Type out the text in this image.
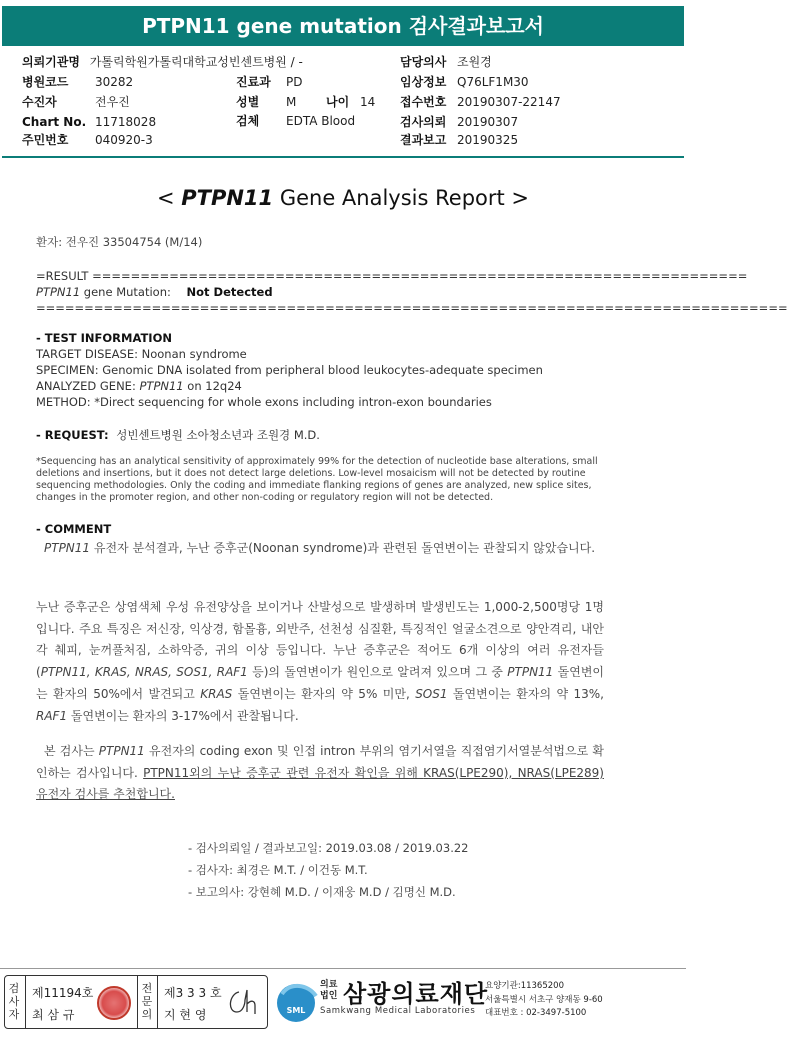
PTPN11 gene mutation 검사결과보고서
의뢰기관명 가톨릭학원가톨릭대학교성빈센트병원 / -
병원코드 30282
수진자	전우진
Chart No. 11718028
주민번호 040920-3
진료과 PD
성별 M 나이 14
검체 EDTA Blood
담당의사 조원경
임상정보 Q76LF1M30
접수번호 20190307-22147
검사의뢰 20190307
결과보고 20190325
< PTPN11 Gene Analysis Report >
환자: 전우진 33504754 (M/14)
=RESULT ====================================================================
PTPN11 gene Mutation: Not Detected
==============================================================================
- TEST INFORMATION
TARGET DISEASE: Noonan syndrome
SPECIMEN: Genomic DNA isolated from peripheral blood leukocytes-adequate specimen
ANALYZED GENE: PTPN11 on 12q24
METHOD: *Direct sequencing for whole exons including intron-exon boundaries
- REQUEST: 성빈센트병원 소아청소년과 조원경 M.D.
*Sequencing has an analytical sensitivity of approximately 99% for the detection of nucleotide base alterations, small deletions and insertions, but it does not detect large deletions. Low-level mosaicism will not be detected by routine sequencing methodologies. Only the coding and immediate flanking regions of genes are analyzed, new splice sites, changes in the promoter region, and other non-coding or regulatory region will not be detected.
- COMMENT
PTPN11 유전자 분석결과, 누난 증후군(Noonan syndrome)과 관련된 돌연변이는 관찰되지 않았습니다.
누난 증후군은 상염색체 우성 유전양상을 보이거나 산발성으로 발생하며 발생빈도는 1,000-2,500명당 1명입니다. 주요 특징은 저신장, 익상경, 함몰흉, 외반주, 선천성 심질환, 특징적인 얼굴소견으로 양안격리, 내안각 췌피, 눈꺼풀처짐, 소하악증, 귀의 이상 등입니다. 누난 증후군은 적어도 6개 이상의 여러 유전자들(PTPN11, KRAS, NRAS, SOS1, RAF1 등)의 돌연변이가 원인으로 알려져 있으며 그 중 PTPN11 돌연변이는 환자의 50%에서 발견되고 KRAS 돌연변이는 환자의 약 5% 미만, SOS1 돌연변이는 환자의 약 13%, RAF1 돌연변이는 환자의 3-17%에서 관찰됩니다.
본 검사는 PTPN11 유전자의 coding exon 및 인접 intron 부위의 염기서열을 직접염기서열분석법으로 확인하는 검사입니다. PTPN11외의 누난 증후군 관련 유전자 확인을 위해 KRAS(LPE290), NRAS(LPE289) 유전자 검사를 추천합니다.
- 검사의뢰일 / 결과보고일: 2019.03.08 / 2019.03.22
- 검사자: 최경은 M.T. / 이건동 M.T.
- 보고의사: 강현혜 M.D. / 이재웅 M.D / 김명신 M.D.
검사자
제11194호
최 삼 규
전문의
제3 3 3 호
지 현 영	SML
의료
법인 삼광의료재단
Samkwang Medical Laboratories
요양기관:11365200
서울특별시 서초구 양재동 9-60
대표번호 : 02-3497-5100
